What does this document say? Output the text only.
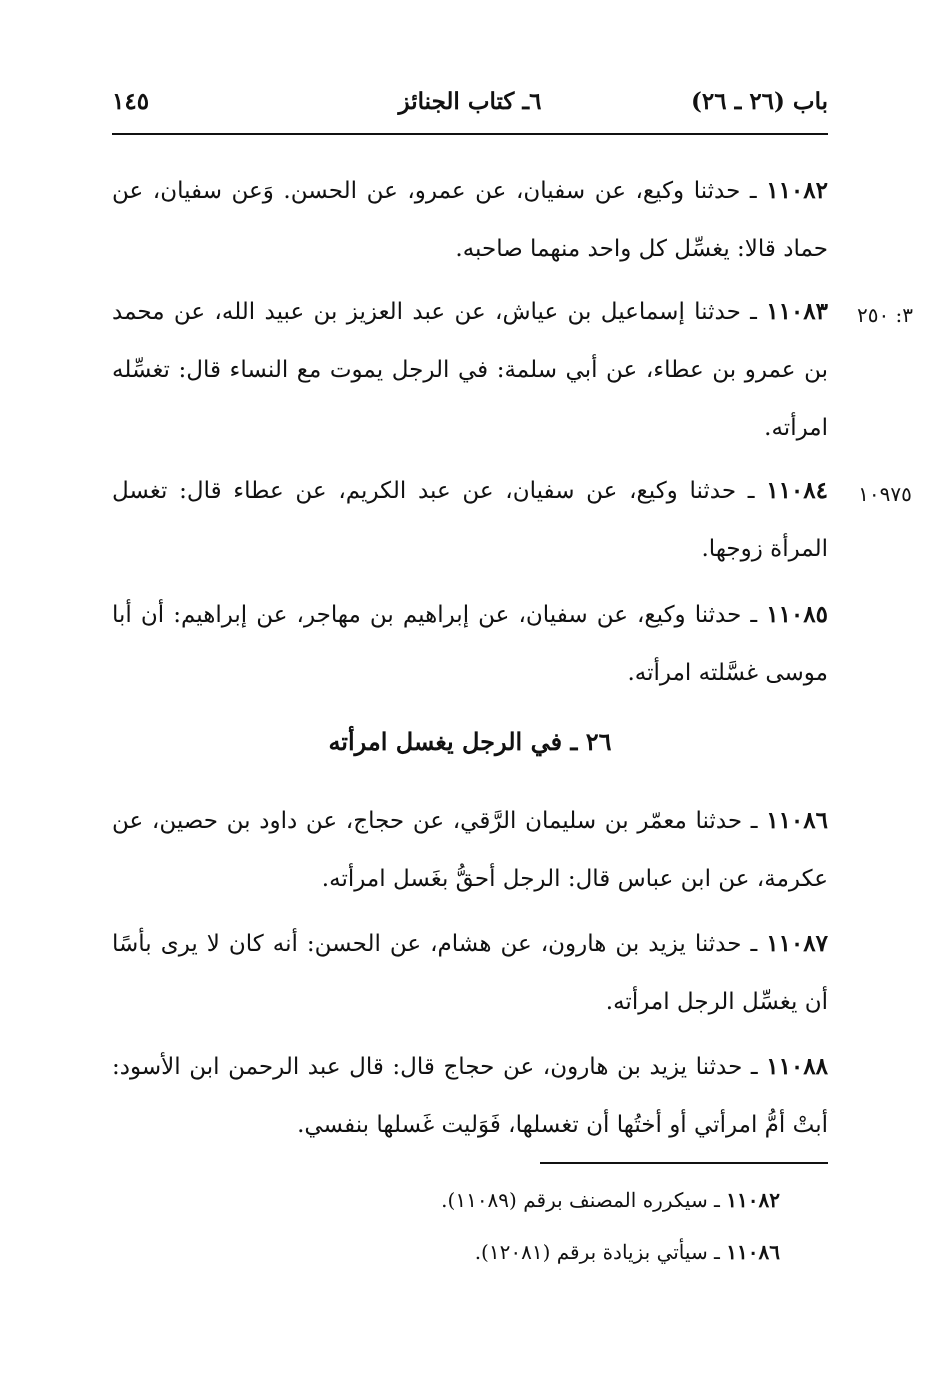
باب (٢٦ ـ ٢٦)
٦ـ كتاب الجنائز
١٤٥
١١٠٨٢ ـ حدثنا وكيع، عن سفيان، عن عمرو، عن الحسن. وَعن سفيان، عن حماد قالا: يغسِّل كل واحد منهما صاحبه.
٣: ٢٥٠
١١٠٨٣ ـ حدثنا إسماعيل بن عياش، عن عبد العزيز بن عبيد الله، عن محمد بن عمرو بن عطاء، عن أبي سلمة: في الرجل يموت مع النساء قال: تغسِّله امرأته.
١٠٩٧٥
١١٠٨٤ ـ حدثنا وكيع، عن سفيان، عن عبد الكريم، عن عطاء قال: تغسل المرأة زوجها.
١١٠٨٥ ـ حدثنا وكيع، عن سفيان، عن إبراهيم بن مهاجر، عن إبراهيم: أن أبا موسى غسَّلته امرأته.
٢٦ ـ في الرجل يغسل امرأته
١١٠٨٦ ـ حدثنا معمّر بن سليمان الرَّقي، عن حجاج، عن داود بن حصين، عن عكرمة، عن ابن عباس قال: الرجل أحقُّ بغَسل امرأته.
١١٠٨٧ ـ حدثنا يزيد بن هارون، عن هشام، عن الحسن: أنه كان لا يرى بأسًا أن يغسِّل الرجل امرأته.
١١٠٨٨ ـ حدثنا يزيد بن هارون، عن حجاج قال: قال عبد الرحمن ابن الأسود: أبتْ أمُّ امرأتي أو أختُها أن تغسلها، فَوَليت غَسلها بنفسي.
١١٠٨٢ ـ سيكرره المصنف برقم (١١٠٨٩).
١١٠٨٦ ـ سيأتي بزيادة برقم (١٢٠٨١).
